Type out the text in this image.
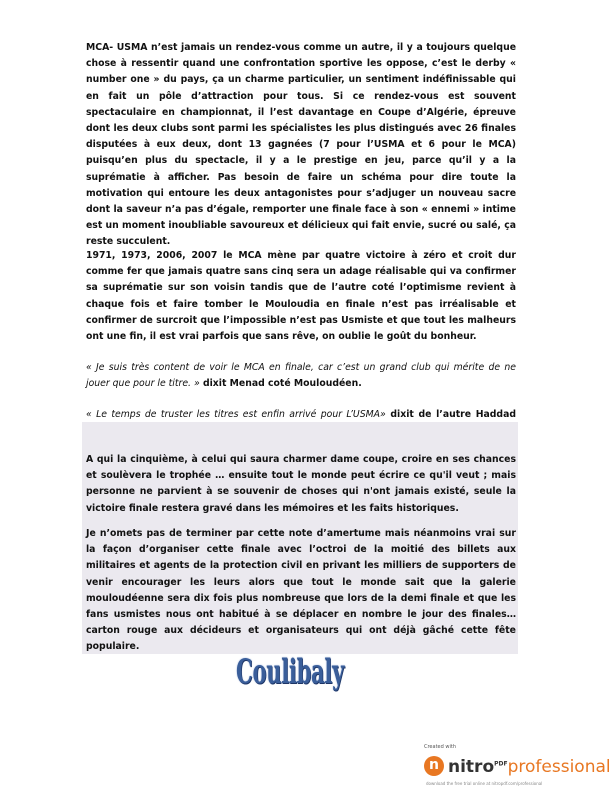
MCA- USMA n’est jamais un rendez-vous comme un autre, il y a toujours quelque chose à ressentir quand une confrontation sportive les oppose, c’est le derby « number one » du pays, ça un charme particulier, un sentiment indéfinissable qui en fait un pôle d’attraction pour tous. Si ce rendez-vous est souvent spectaculaire en championnat, il l’est davantage en Coupe d’Algérie, épreuve dont les deux clubs sont parmi les spécialistes les plus distingués avec 26 finales disputées à eux deux, dont 13 gagnées (7 pour l’USMA et 6 pour le MCA) puisqu’en plus du spectacle, il y a le prestige en jeu, parce qu’il y a la suprématie à afficher. Pas besoin de faire un schéma pour dire toute la motivation qui entoure les deux antagonistes pour s’adjuger un nouveau sacre dont la saveur n’a pas d’égale, remporter une finale face à son « ennemi » intime est un moment inoubliable savoureux et délicieux qui fait envie, sucré ou salé, ça reste succulent.

1971, 1973, 2006, 2007 le MCA mène par quatre victoire à zéro et croit dur comme fer que jamais quatre sans cinq sera un adage réalisable qui va confirmer sa suprématie sur son voisin tandis que de l’autre coté l’optimisme revient à chaque fois et faire tomber le Mouloudia en finale n’est pas irréalisable et confirmer de surcroit que l’impossible n’est pas Usmiste et que tout les malheurs ont une fin, il est vrai parfois que sans rêve, on oublie le goût du bonheur.

« Je suis très content de voir le MCA en finale, car c’est un grand club qui mérite de ne jouer que pour le titre. » dixit Menad coté Mouloudéen.

« Le temps de truster les titres est enfin arrivé pour L’USMA» dixit de l’autre Haddad

A qui la cinquième, à celui qui saura charmer dame coupe, croire en ses chances et soulèvera le trophée … ensuite tout le monde peut écrire ce qu'il veut ; mais personne ne parvient à se souvenir de choses qui n'ont jamais existé, seule la victoire finale restera gravé dans les mémoires et les faits historiques.

Je n’omets pas de terminer par cette note d’amertume mais néanmoins vrai sur la façon d’organiser cette finale avec l’octroi de la moitié des billets aux militaires et agents de la protection civil en privant les milliers de supporters de venir encourager les leurs alors que tout le monde sait que la galerie mouloudéenne sera dix fois plus nombreuse que lors de la demi finale et que les fans usmistes nous ont habitué à se déplacer en nombre le jour des finales…carton rouge aux décideurs et organisateurs qui ont déjà gâché cette fête populaire.

Coulibaly
Created with
n nitro$^{PDF}$professional
download the free trial online at nitropdf.com/professional
